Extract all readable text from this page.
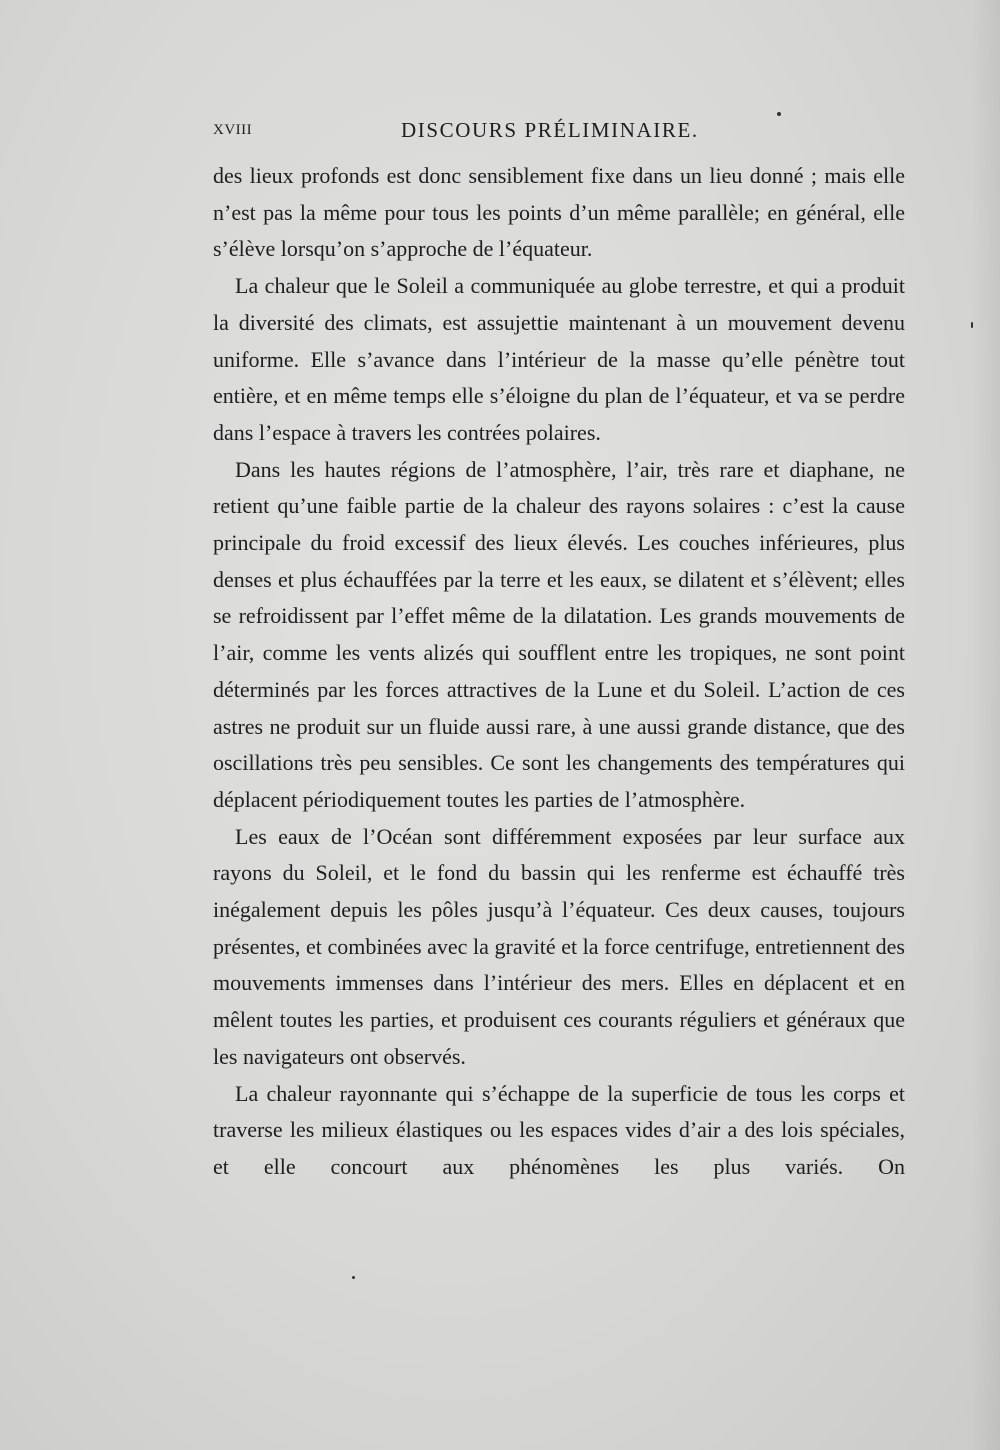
XVIII	DISCOURS PRÉLIMINAIRE.

des lieux profonds est donc sensiblement fixe dans un lieu donné ; mais elle n’est pas la même pour tous les points d’un même parallèle; en général, elle s’élève lorsqu’on s’approche de l’équateur.

La chaleur que le Soleil a communiquée au globe terrestre, et qui a produit la diversité des climats, est assujettie maintenant à un mouvement devenu uniforme. Elle s’avance dans l’intérieur de la masse qu’elle pénètre tout entière, et en même temps elle s’éloigne du plan de l’équateur, et va se perdre dans l’espace à travers les contrées polaires.

Dans les hautes régions de l’atmosphère, l’air, très rare et diaphane, ne retient qu’une faible partie de la chaleur des rayons solaires : c’est la cause principale du froid excessif des lieux élevés. Les couches inférieures, plus denses et plus échauffées par la terre et les eaux, se dilatent et s’élèvent; elles se refroidissent par l’effet même de la dilatation. Les grands mouvements de l’air, comme les vents alizés qui soufflent entre les tropiques, ne sont point déterminés par les forces attractives de la Lune et du Soleil. L’action de ces astres ne produit sur un fluide aussi rare, à une aussi grande distance, que des oscillations très peu sensibles. Ce sont les changements des températures qui déplacent périodiquement toutes les parties de l’atmosphère.

Les eaux de l’Océan sont différemment exposées par leur surface aux rayons du Soleil, et le fond du bassin qui les renferme est échauffé très inégalement depuis les pôles jusqu’à l’équateur. Ces deux causes, toujours présentes, et combinées avec la gravité et la force centrifuge, entretiennent des mouvements immenses dans l’intérieur des mers. Elles en déplacent et en mêlent toutes les parties, et produisent ces courants réguliers et généraux que les navigateurs ont observés.

La chaleur rayonnante qui s’échappe de la superficie de tous les corps et traverse les milieux élastiques ou les espaces vides d’air a des lois spéciales, et elle concourt aux phénomènes les plus variés. On
